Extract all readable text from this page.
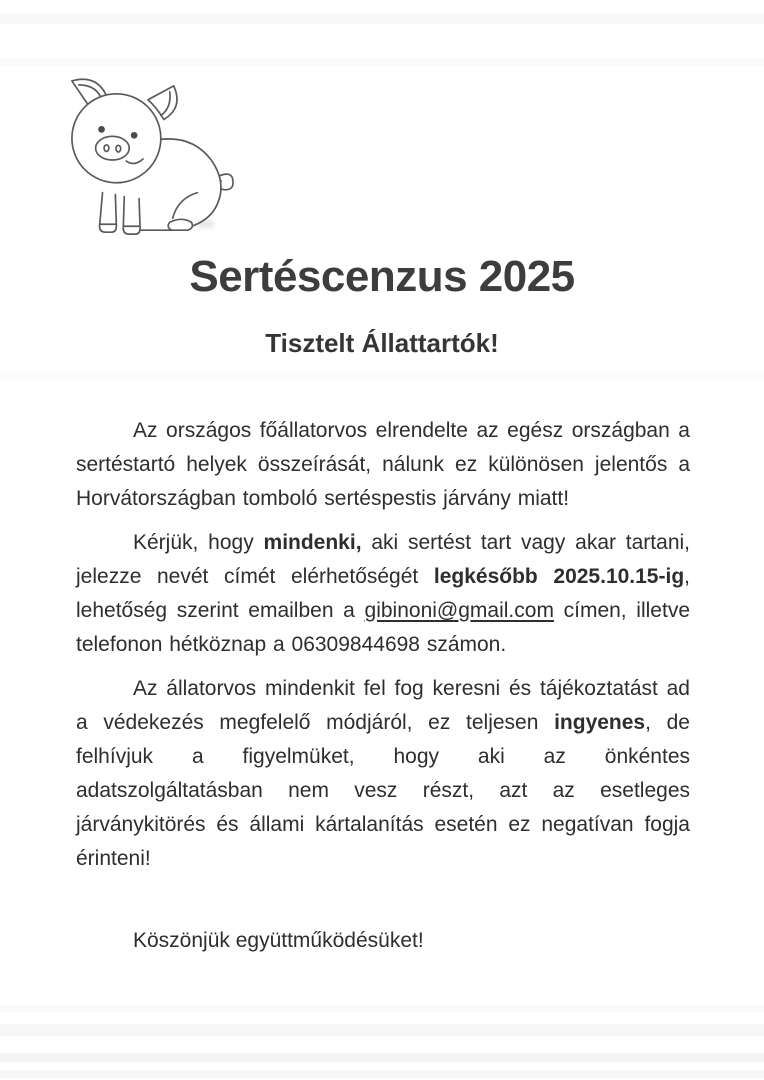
Sertéscenzus 2025
Tisztelt Állattartók!

Az országos főállatorvos elrendelte az egész országban a sertéstartó helyek összeírását, nálunk ez különösen jelentős a Horvátországban tomboló sertéspestis járvány miatt!

Kérjük, hogy mindenki, aki sertést tart vagy akar tartani, jelezze nevét címét elérhetőségét legkésőbb 2025.10.15-ig, lehetőség szerint emailben a gibinoni@gmail.com címen, illetve telefonon hétköznap a 06309844698 számon.

Az állatorvos mindenkit fel fog keresni és tájékoztatást ad a védekezés megfelelő módjáról, ez teljesen ingyenes, de felhívjuk a figyelmüket, hogy aki az önkéntes adatszolgáltatásban nem vesz részt, azt az esetleges járványkitörés és állami kártalanítás esetén ez negatívan fogja érinteni!

Köszönjük együttműködésüket!
